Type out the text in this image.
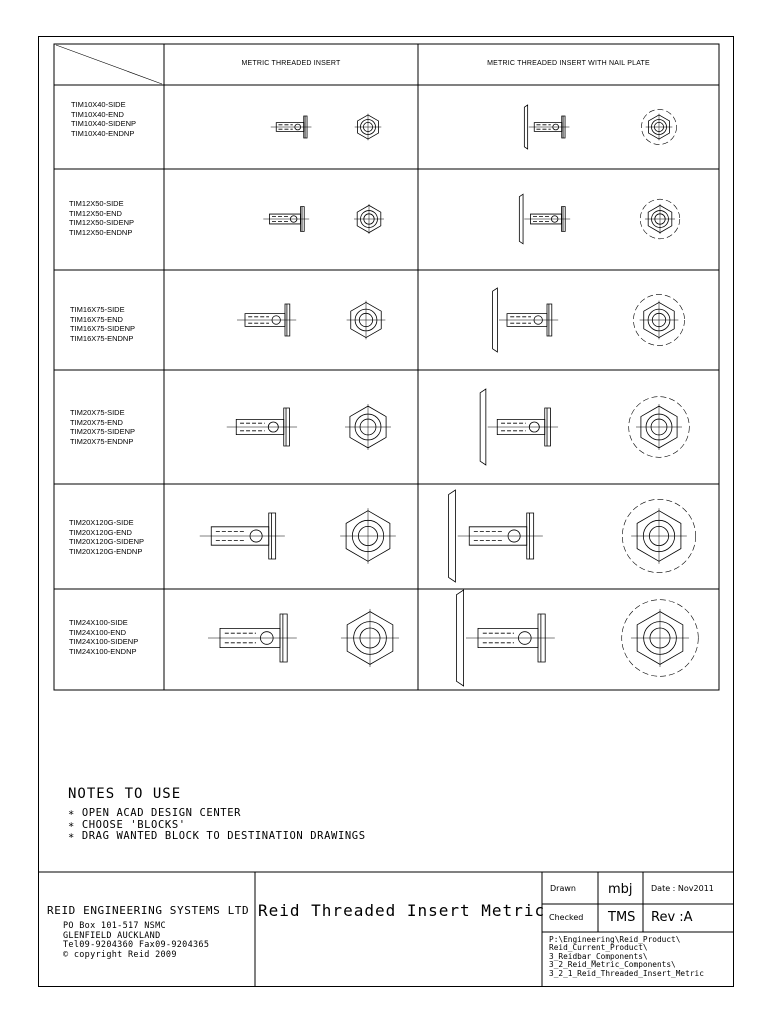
METRIC THREADED INSERT	METRIC THREADED INSERT WITH NAIL PLATE
TIM10X40-SIDE
TIM10X40-END
TIM10X40-SIDENP
TIM10X40-ENDNP
TIM12X50-SIDE
TIM12X50-END
TIM12X50-SIDENP
TIM12X50-ENDNP
TIM16X75-SIDE
TIM16X75-END
TIM16X75-SIDENP
TIM16X75-ENDNP
TIM20X75-SIDE
TIM20X75-END
TIM20X75-SIDENP
TIM20X75-ENDNP
TIM20X120G-SIDE
TIM20X120G-END
TIM20X120G-SIDENP
TIM20X120G-ENDNP
TIM24X100-SIDE
TIM24X100-END
TIM24X100-SIDENP
TIM24X100-ENDNP
NOTES TO USE
∗ OPEN ACAD DESIGN CENTER
∗ CHOOSE 'BLOCKS'
∗ DRAG WANTED BLOCK TO DESTINATION DRAWINGS
REID ENGINEERING SYSTEMS LTD
PO Box 101-517 NSMC
GLENFIELD AUCKLAND
Tel09-9204360 Fax09-9204365
© copyright Reid 2009
Reid Threaded Insert Metric
Drawn mbj Date : Nov2011
Checked TMS Rev :A
P:\Engineering\Reid_Product\
Reid_Current_Product\
3_Reidbar_Components\
3_2_Reid_Metric_Components\
3_2_1_Reid_Threaded_Insert_Metric
